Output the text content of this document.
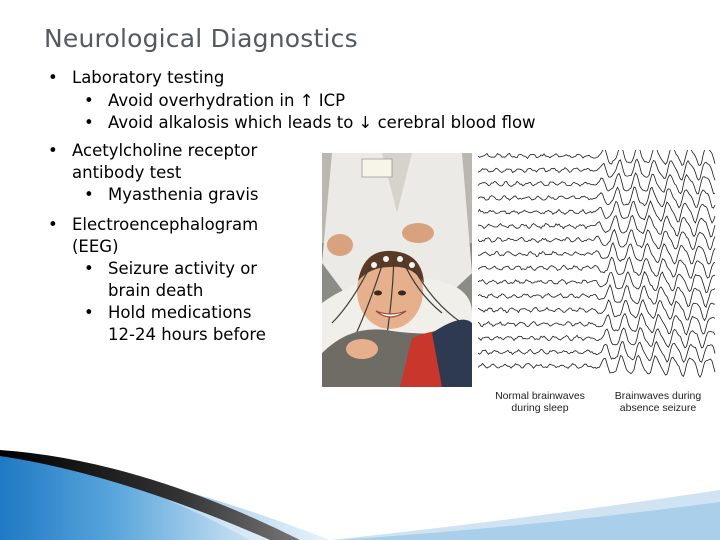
Neurological Diagnostics
• Laboratory testing
• Avoid overhydration in ↑ ICP
• Avoid alkalosis which leads to ↓ cerebral blood flow
• Acetylcholine receptor
antibody test
• Myasthenia gravis
• Electroencephalogram
(EEG)
• Seizure activity or
brain death
• Hold medications
12-24 hours before
Normal brainwaves
during sleep
Brainwaves during
absence seizure
